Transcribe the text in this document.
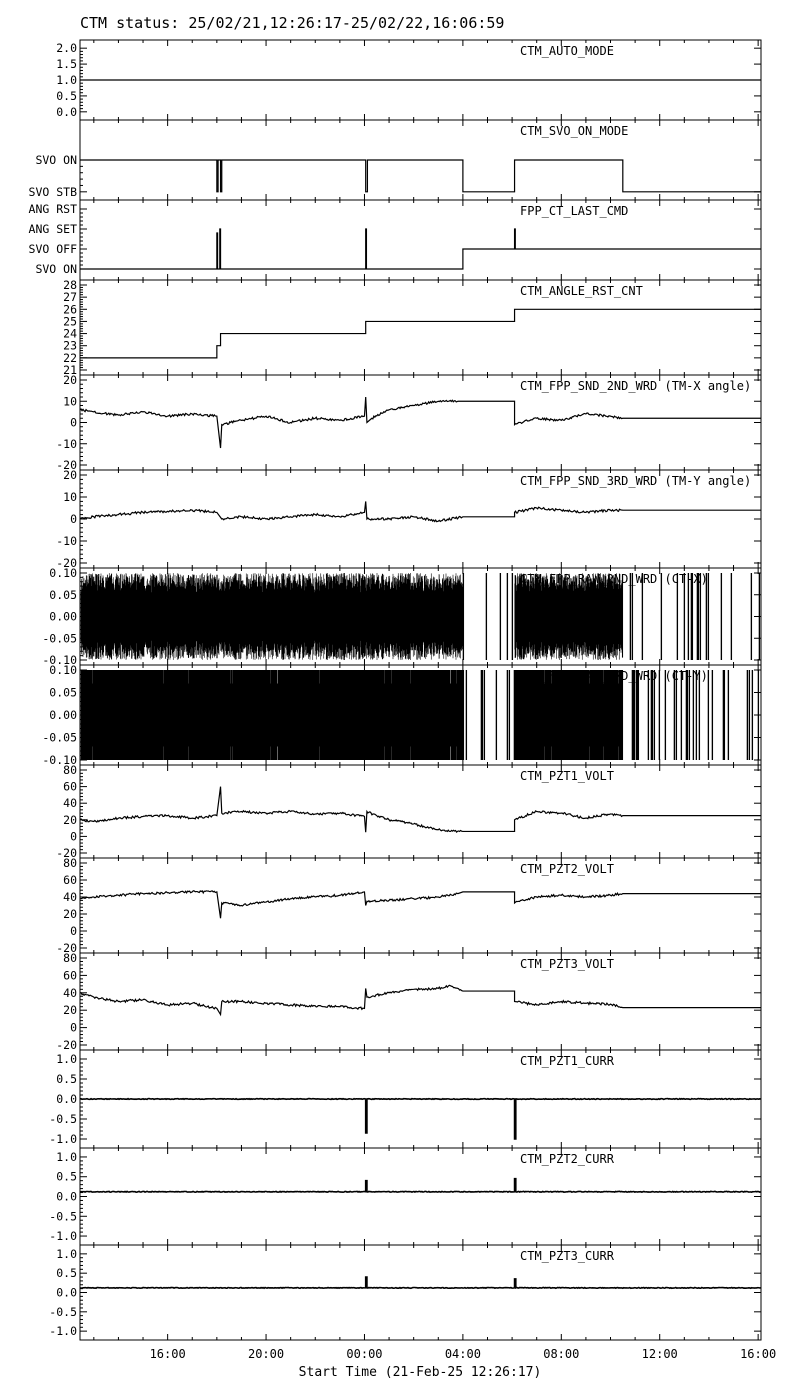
CTM status: 25/02/21,12:26:17-25/02/22,16:06:59
0.0
0.5
1.0
1.5
2.0	CTM_AUTO_MODE
SVO ON
SVO STB
CTM_SVO_ON_MODE
ANG RST
ANG SET
SVO OFF
SVO ON
FPP_CT_LAST_CMD
21
22
23
24
25
26
27
28	CTM_ANGLE_RST_CNT
-20
-10
0
10
20	CTM_FPP_SND_2ND_WRD (TM-X angle)
-20
-10
0
10
20	CTM_FPP_SND_3RD_WRD (TM-Y angle)
-0.10
-0.05
0.00
0.05
0.10	CTM_FPP_RAW_2ND_WRD (CT-X)
-0.10
-0.05
0.00
0.05
0.10	CTM_FPP_RAW_3RD_WRD (CT-Y)
-20
0
20
40
60
80	CTM_PZT1_VOLT
-20
0
20
40
60
80	CTM_PZT2_VOLT
-20
0
20
40
60
80	CTM_PZT3_VOLT
-1.0
-0.5
0.0
0.5
1.0	CTM_PZT1_CURR
-1.0
-0.5
0.0
0.5
1.0	CTM_PZT2_CURR
-1.0
-0.5
0.0
0.5
1.0	CTM_PZT3_CURR
16:00	20:00	00:00	04:00	08:00	12:00	16:00
Start Time (21-Feb-25 12:26:17)
